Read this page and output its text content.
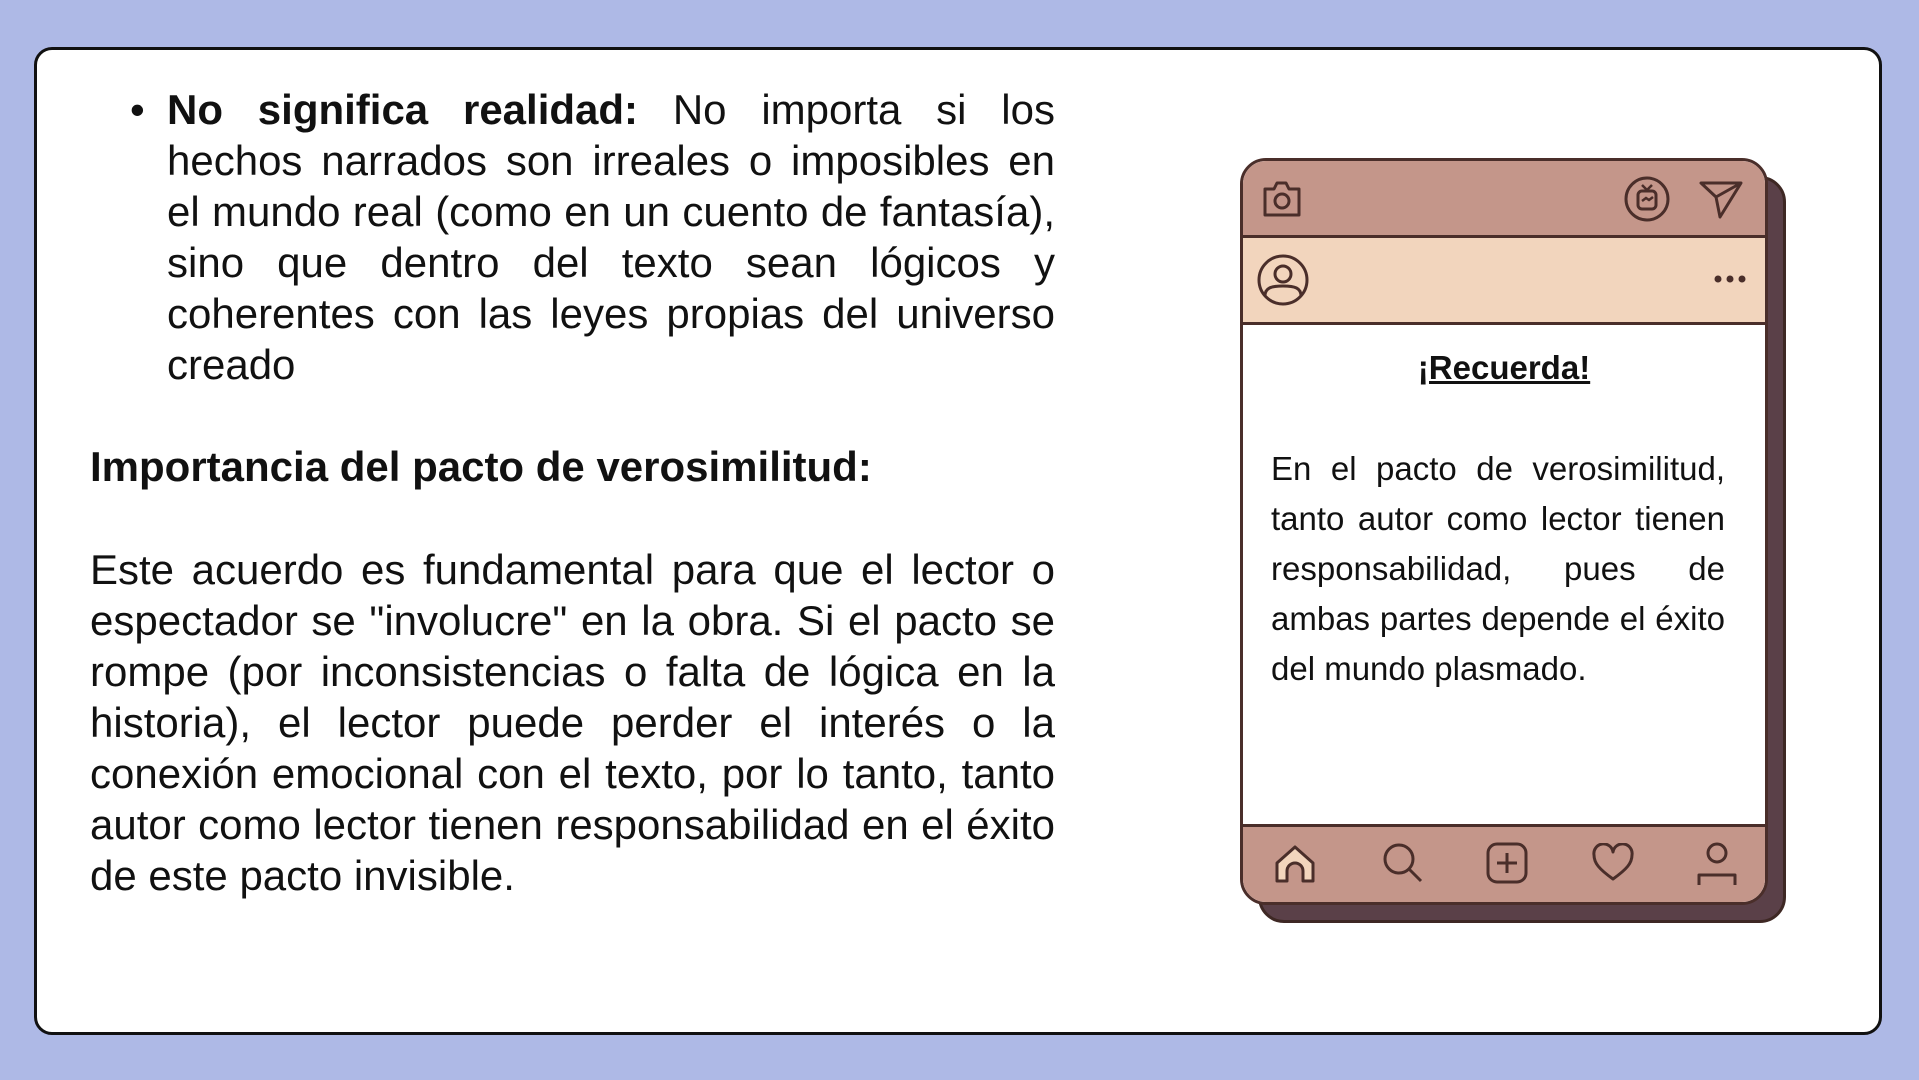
• No significa realidad: No importa si los hechos narrados son irreales o imposibles en el mundo real (como en un cuento de fantasía), sino que dentro del texto sean lógicos y coherentes con las leyes propias del universo creado
Importancia del pacto de verosimilitud:
Este acuerdo es fundamental para que el lector o espectador se "involucre" en la obra. Si el pacto se rompe (por inconsistencias o falta de lógica en la historia), el lector puede perder el interés o la conexión emocional con el texto, por lo tanto, tanto autor como lector tienen responsabilidad en el éxito de este pacto invisible.
¡Recuerda!
En el pacto de verosimilitud, tanto autor como lector tienen responsabilidad, pues de ambas partes depende el éxito del mundo plasmado.
